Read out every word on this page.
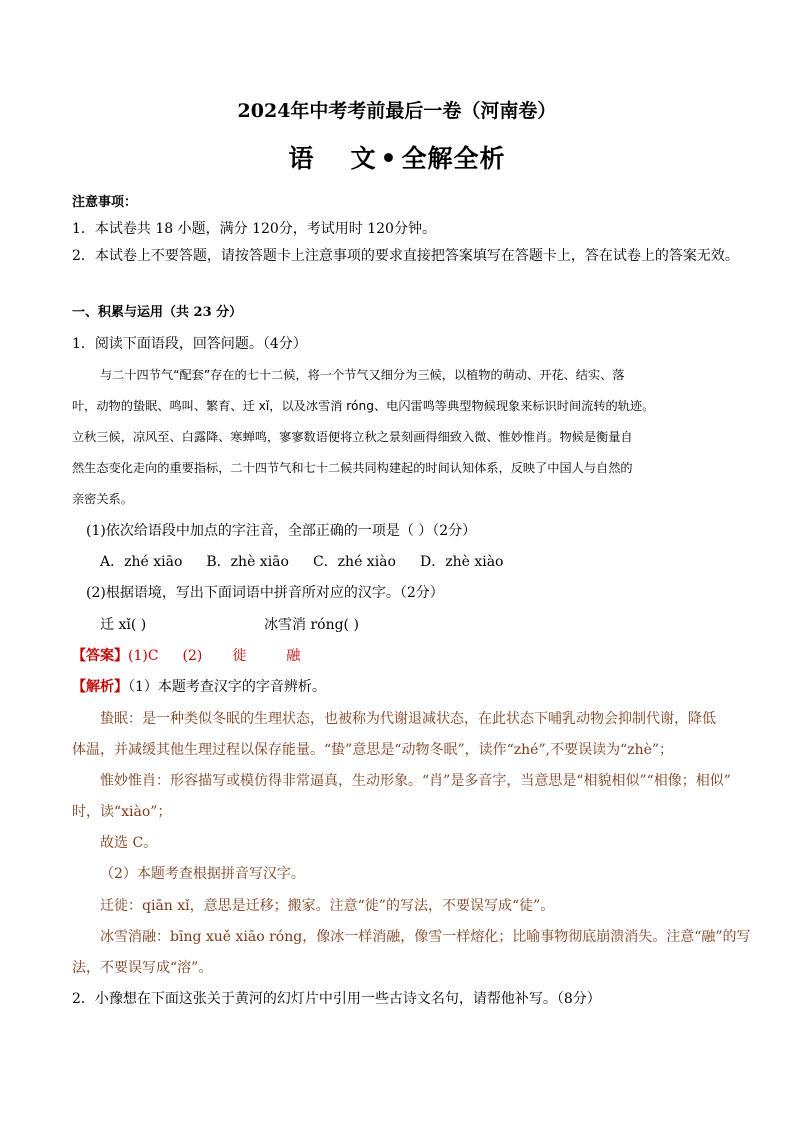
2024年中考考前最后一卷（河南卷）
语 文 • 全解全析
注意事项：
1．本试卷共 18 小题，满分 120分，考试用时 120分钟。
2．本试卷上不要答题，请按答题卡上注意事项的要求直接把答案填写在答题卡上，答在试卷上的答案无效。
一、积累与运用（共 23 分）
1．阅读下面语段，回答问题。（4分）
与二十四节气“配套”存在的七十二候，将一个节气又细分为三候，以植物的萌动、开花、结实、落
叶，动物的蛰眠、鸣叫、繁育、迁 xǐ，以及冰雪消 róng、电闪雷鸣等典型物候现象来标识时间流转的轨迹。
立秋三候，凉风至、白露降、寒蝉鸣，寥寥数语便将立秋之景刻画得细致入微、惟妙惟肖。物候是衡量自
然生态变化走向的重要指标，二十四节气和七十二候共同构建起的时间认知体系，反映了中国人与自然的
亲密关系。
(1)依次给语段中加点的字注音，全部正确的一项是（ ）（2分）
A．zhé xiāo B．zhè xiāo C．zhé xiào D．zhè xiào
(2)根据语境，写出下面词语中拼音所对应的汉字。（2分）
迁 xǐ( )	冰雪消 róng( )
【答案】(1)C (2) 徙	融
【解析】（1）本题考查汉字的字音辨析。
蛰眠：是一种类似冬眠的生理状态，也被称为代谢退减状态，在此状态下哺乳动物会抑制代谢，降低
体温，并减缓其他生理过程以保存能量。“蛰”意思是“动物冬眠”，读作“zhé”,不要误读为“zhè”；
惟妙惟肖：形容描写或模仿得非常逼真，生动形象。“肖”是多音字，当意思是“相貌相似”“相像；相似”
时，读“xiào”；
故选 C。
（2）本题考查根据拼音写汉字。
迁徙：qiān xǐ，意思是迁移；搬家。注意“徙”的写法，不要误写成“徒”。
冰雪消融：bīng xuě xiāo róng，像冰一样消融，像雪一样熔化；比喻事物彻底崩溃消失。注意“融”的写
法，不要误写成“溶”。
2．小豫想在下面这张关于黄河的幻灯片中引用一些古诗文名句，请帮他补写。（8分）
